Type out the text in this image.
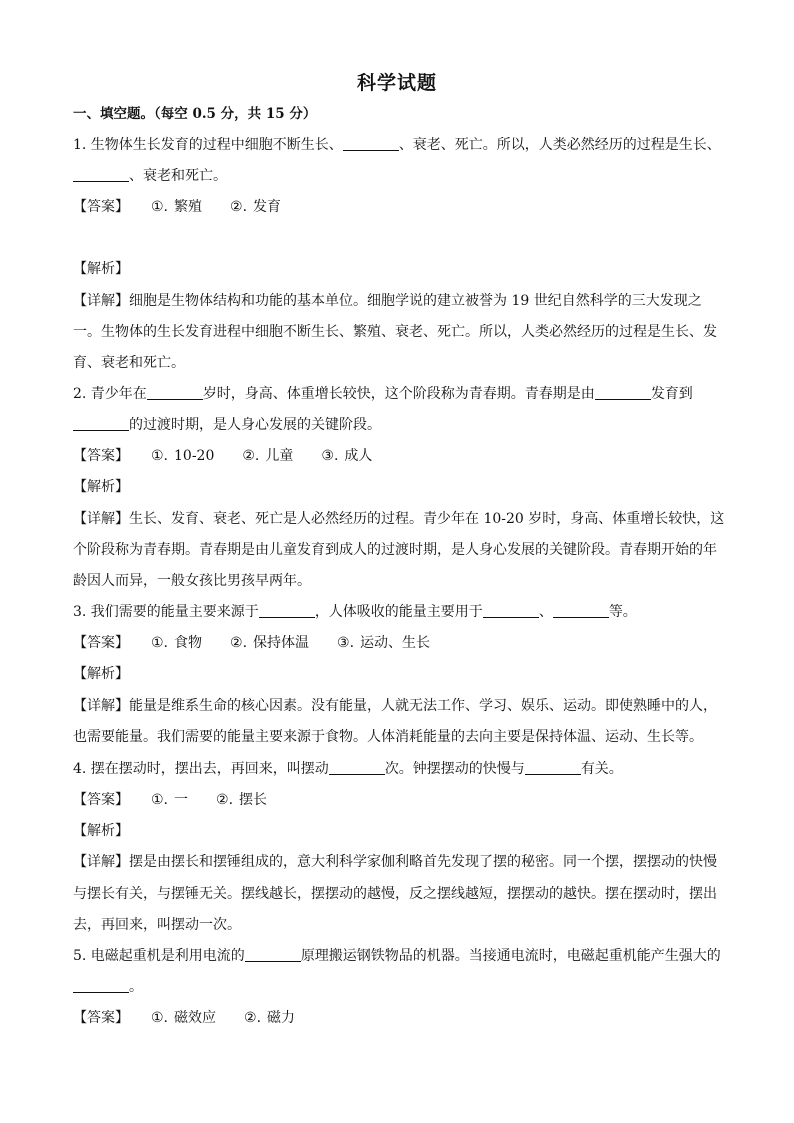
科学试题
一、填空题。（每空 0.5 分，共 15 分）
1. 生物体生长发育的过程中细胞不断生长、	、衰老、死亡。所以，人类必然经历的过程是生长、
、衰老和死亡。
【答案】 ①. 繁殖 ②. 发育
【解析】
【详解】细胞是生物体结构和功能的基本单位。细胞学说的建立被誉为 19 世纪自然科学的三大发现之
一。生物体的生长发育进程中细胞不断生长、繁殖、衰老、死亡。所以，人类必然经历的过程是生长、发
育、衰老和死亡。
2. 青少年在	岁时，身高、体重增长较快，这个阶段称为青春期。青春期是由	发育到
的过渡时期，是人身心发展的关键阶段。
【答案】 ①. 10-20 ②. 儿童 ③. 成人
【解析】
【详解】生长、发育、衰老、死亡是人必然经历的过程。青少年在 10-20 岁时，身高、体重增长较快，这
个阶段称为青春期。青春期是由儿童发育到成人的过渡时期，是人身心发展的关键阶段。青春期开始的年
龄因人而异，一般女孩比男孩早两年。
3. 我们需要的能量主要来源于	，人体吸收的能量主要用于	、	等。
【答案】 ①. 食物 ②. 保持体温 ③. 运动、生长
【解析】
【详解】能量是维系生命的核心因素。没有能量，人就无法工作、学习、娱乐、运动。即使熟睡中的人，
也需要能量。我们需要的能量主要来源于食物。人体消耗能量的去向主要是保持体温、运动、生长等。
4. 摆在摆动时，摆出去，再回来，叫摆动	次。钟摆摆动的快慢与	有关。
【答案】 ①. 一 ②. 摆长
【解析】
【详解】摆是由摆长和摆锤组成的，意大利科学家伽利略首先发现了摆的秘密。同一个摆，摆摆动的快慢
与摆长有关，与摆锤无关。摆线越长，摆摆动的越慢，反之摆线越短，摆摆动的越快。摆在摆动时，摆出
去，再回来，叫摆动一次。
5. 电磁起重机是利用电流的	原理搬运钢铁物品的机器。当接通电流时，电磁起重机能产生强大的
。
【答案】 ①. 磁效应 ②. 磁力
